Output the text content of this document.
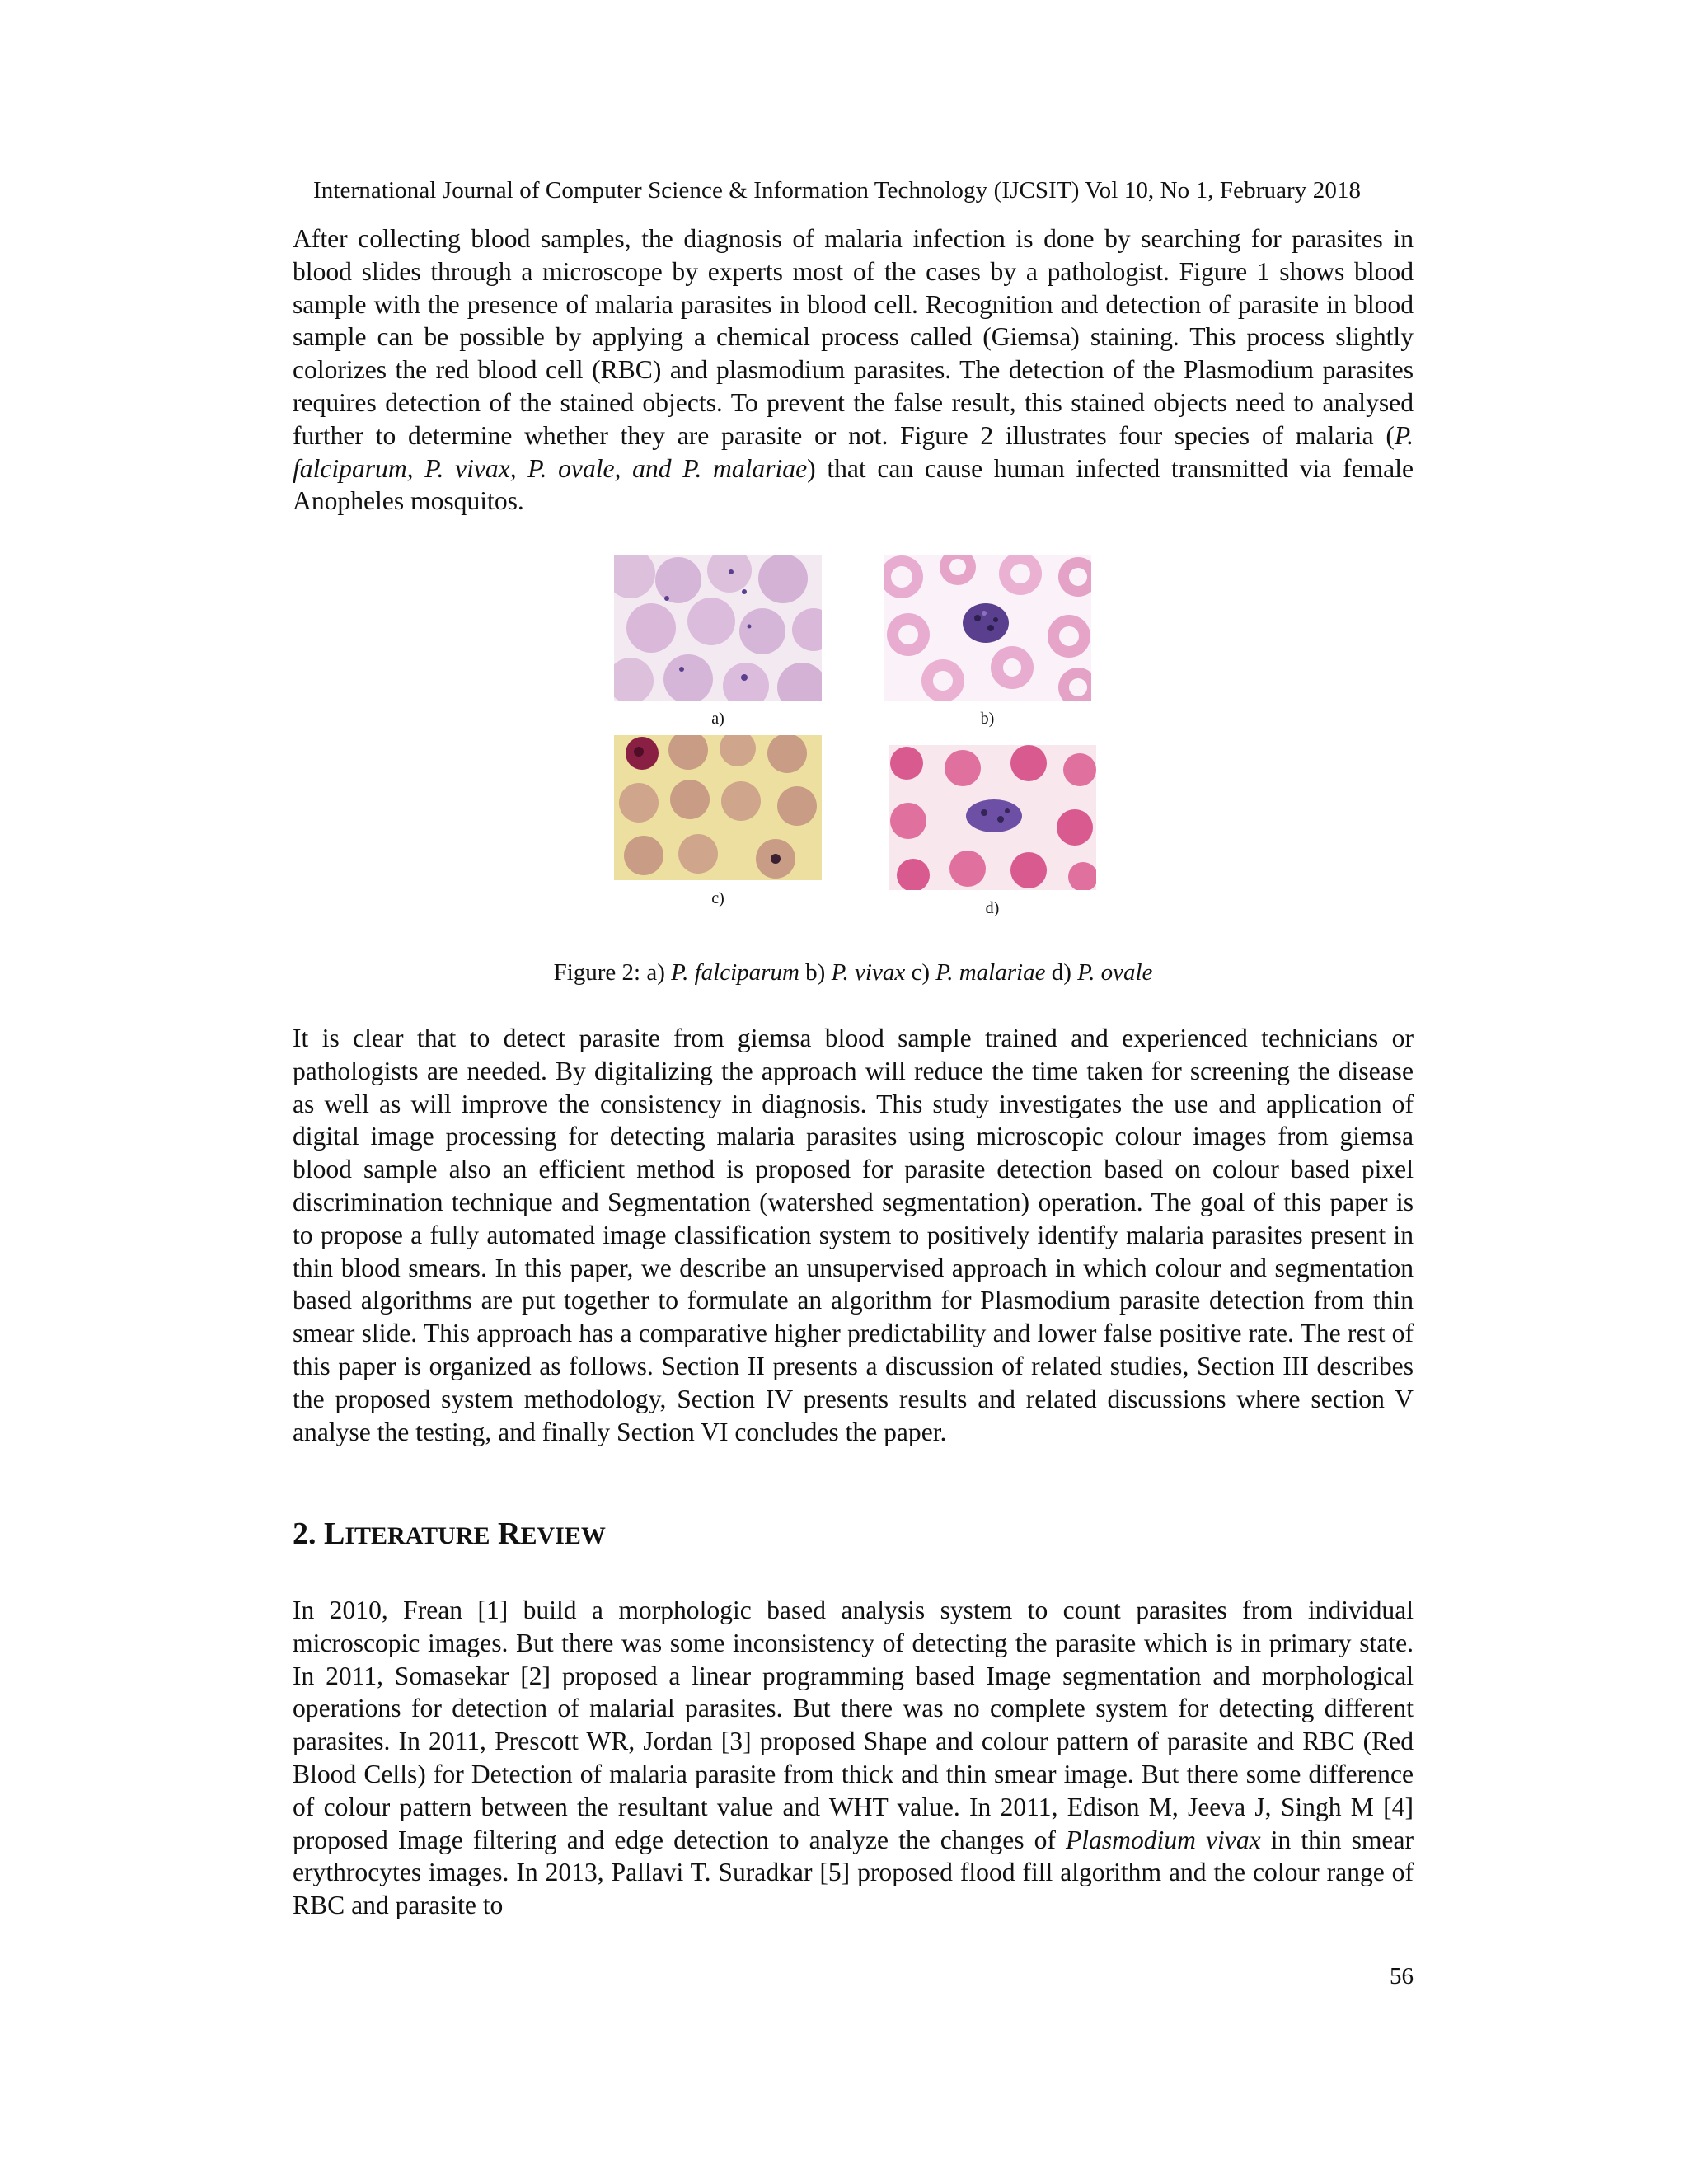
International Journal of Computer Science & Information Technology (IJCSIT) Vol 10, No 1, February 2018

After collecting blood samples, the diagnosis of malaria infection is done by searching for parasites in blood slides through a microscope by experts most of the cases by a pathologist. Figure 1 shows blood sample with the presence of malaria parasites in blood cell. Recognition and detection of parasite in blood sample can be possible by applying a chemical process called (Giemsa) staining. This process slightly colorizes the red blood cell (RBC) and plasmodium parasites. The detection of the Plasmodium parasites requires detection of the stained objects. To prevent the false result, this stained objects need to analysed further to determine whether they are parasite or not. Figure 2 illustrates four species of malaria (P. falciparum, P. vivax, P. ovale, and P. malariae) that can cause human infected transmitted via female Anopheles mosquitos.

a)	b)
c)
d)
Figure 2: a) P. falciparum b) P. vivax c) P. malariae d) P. ovale

It is clear that to detect parasite from giemsa blood sample trained and experienced technicians or pathologists are needed. By digitalizing the approach will reduce the time taken for screening the disease as well as will improve the consistency in diagnosis. This study investigates the use and application of digital image processing for detecting malaria parasites using microscopic colour images from giemsa blood sample also an efficient method is proposed for parasite detection based on colour based pixel discrimination technique and Segmentation (watershed segmentation) operation. The goal of this paper is to propose a fully automated image classification system to positively identify malaria parasites present in thin blood smears. In this paper, we describe an unsupervised approach in which colour and segmentation based algorithms are put together to formulate an algorithm for Plasmodium parasite detection from thin smear slide. This approach has a comparative higher predictability and lower false positive rate. The rest of this paper is organized as follows. Section II presents a discussion of related studies, Section III describes the proposed system methodology, Section IV presents results and related discussions where section V analyse the testing, and finally Section VI concludes the paper.

2. LITERATURE REVIEW

In 2010, Frean [1] build a morphologic based analysis system to count parasites from individual microscopic images. But there was some inconsistency of detecting the parasite which is in primary state. In 2011, Somasekar [2] proposed a linear programming based Image segmentation and morphological operations for detection of malarial parasites. But there was no complete system for detecting different parasites. In 2011, Prescott WR, Jordan [3] proposed Shape and colour pattern of parasite and RBC (Red Blood Cells) for Detection of malaria parasite from thick and thin smear image. But there some difference of colour pattern between the resultant value and WHT value. In 2011, Edison M, Jeeva J, Singh M [4] proposed Image filtering and edge detection to analyze the changes of Plasmodium vivax in thin smear erythrocytes images. In 2013, Pallavi T. Suradkar [5] proposed flood fill algorithm and the colour range of RBC and parasite to

56
